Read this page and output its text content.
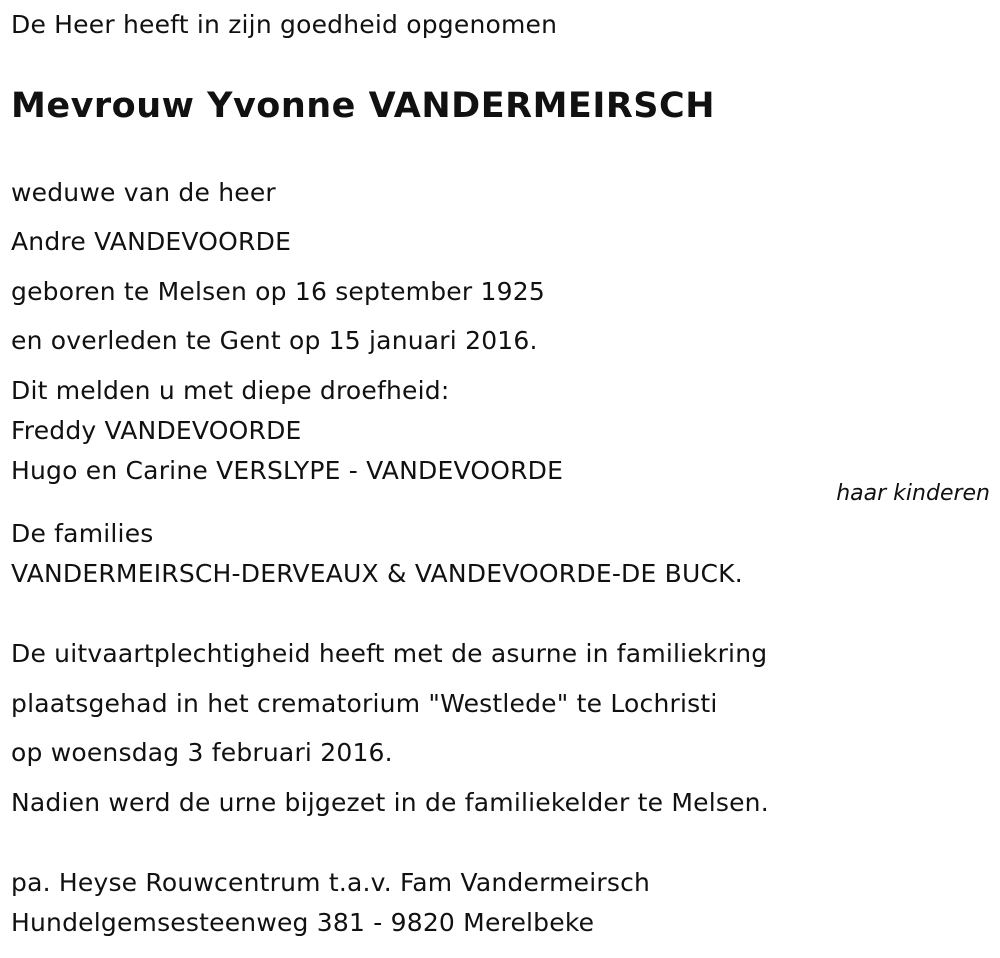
De Heer heeft in zijn goedheid opgenomen
Mevrouw Yvonne VANDERMEIRSCH
weduwe van de heer
Andre VANDEVOORDE
geboren te Melsen op 16 september 1925
en overleden te Gent op 15 januari 2016.
Dit melden u met diepe droefheid:
Freddy VANDEVOORDE
Hugo en Carine VERSLYPE - VANDEVOORDE
haar kinderen
De families
VANDERMEIRSCH-DERVEAUX & VANDEVOORDE-DE BUCK.
De uitvaartplechtigheid heeft met de asurne in familiekring
plaatsgehad in het crematorium "Westlede" te Lochristi
op woensdag 3 februari 2016.
Nadien werd de urne bijgezet in de familiekelder te Melsen.
pa. Heyse Rouwcentrum t.a.v. Fam Vandermeirsch
Hundelgemsesteenweg 381 - 9820 Merelbeke
